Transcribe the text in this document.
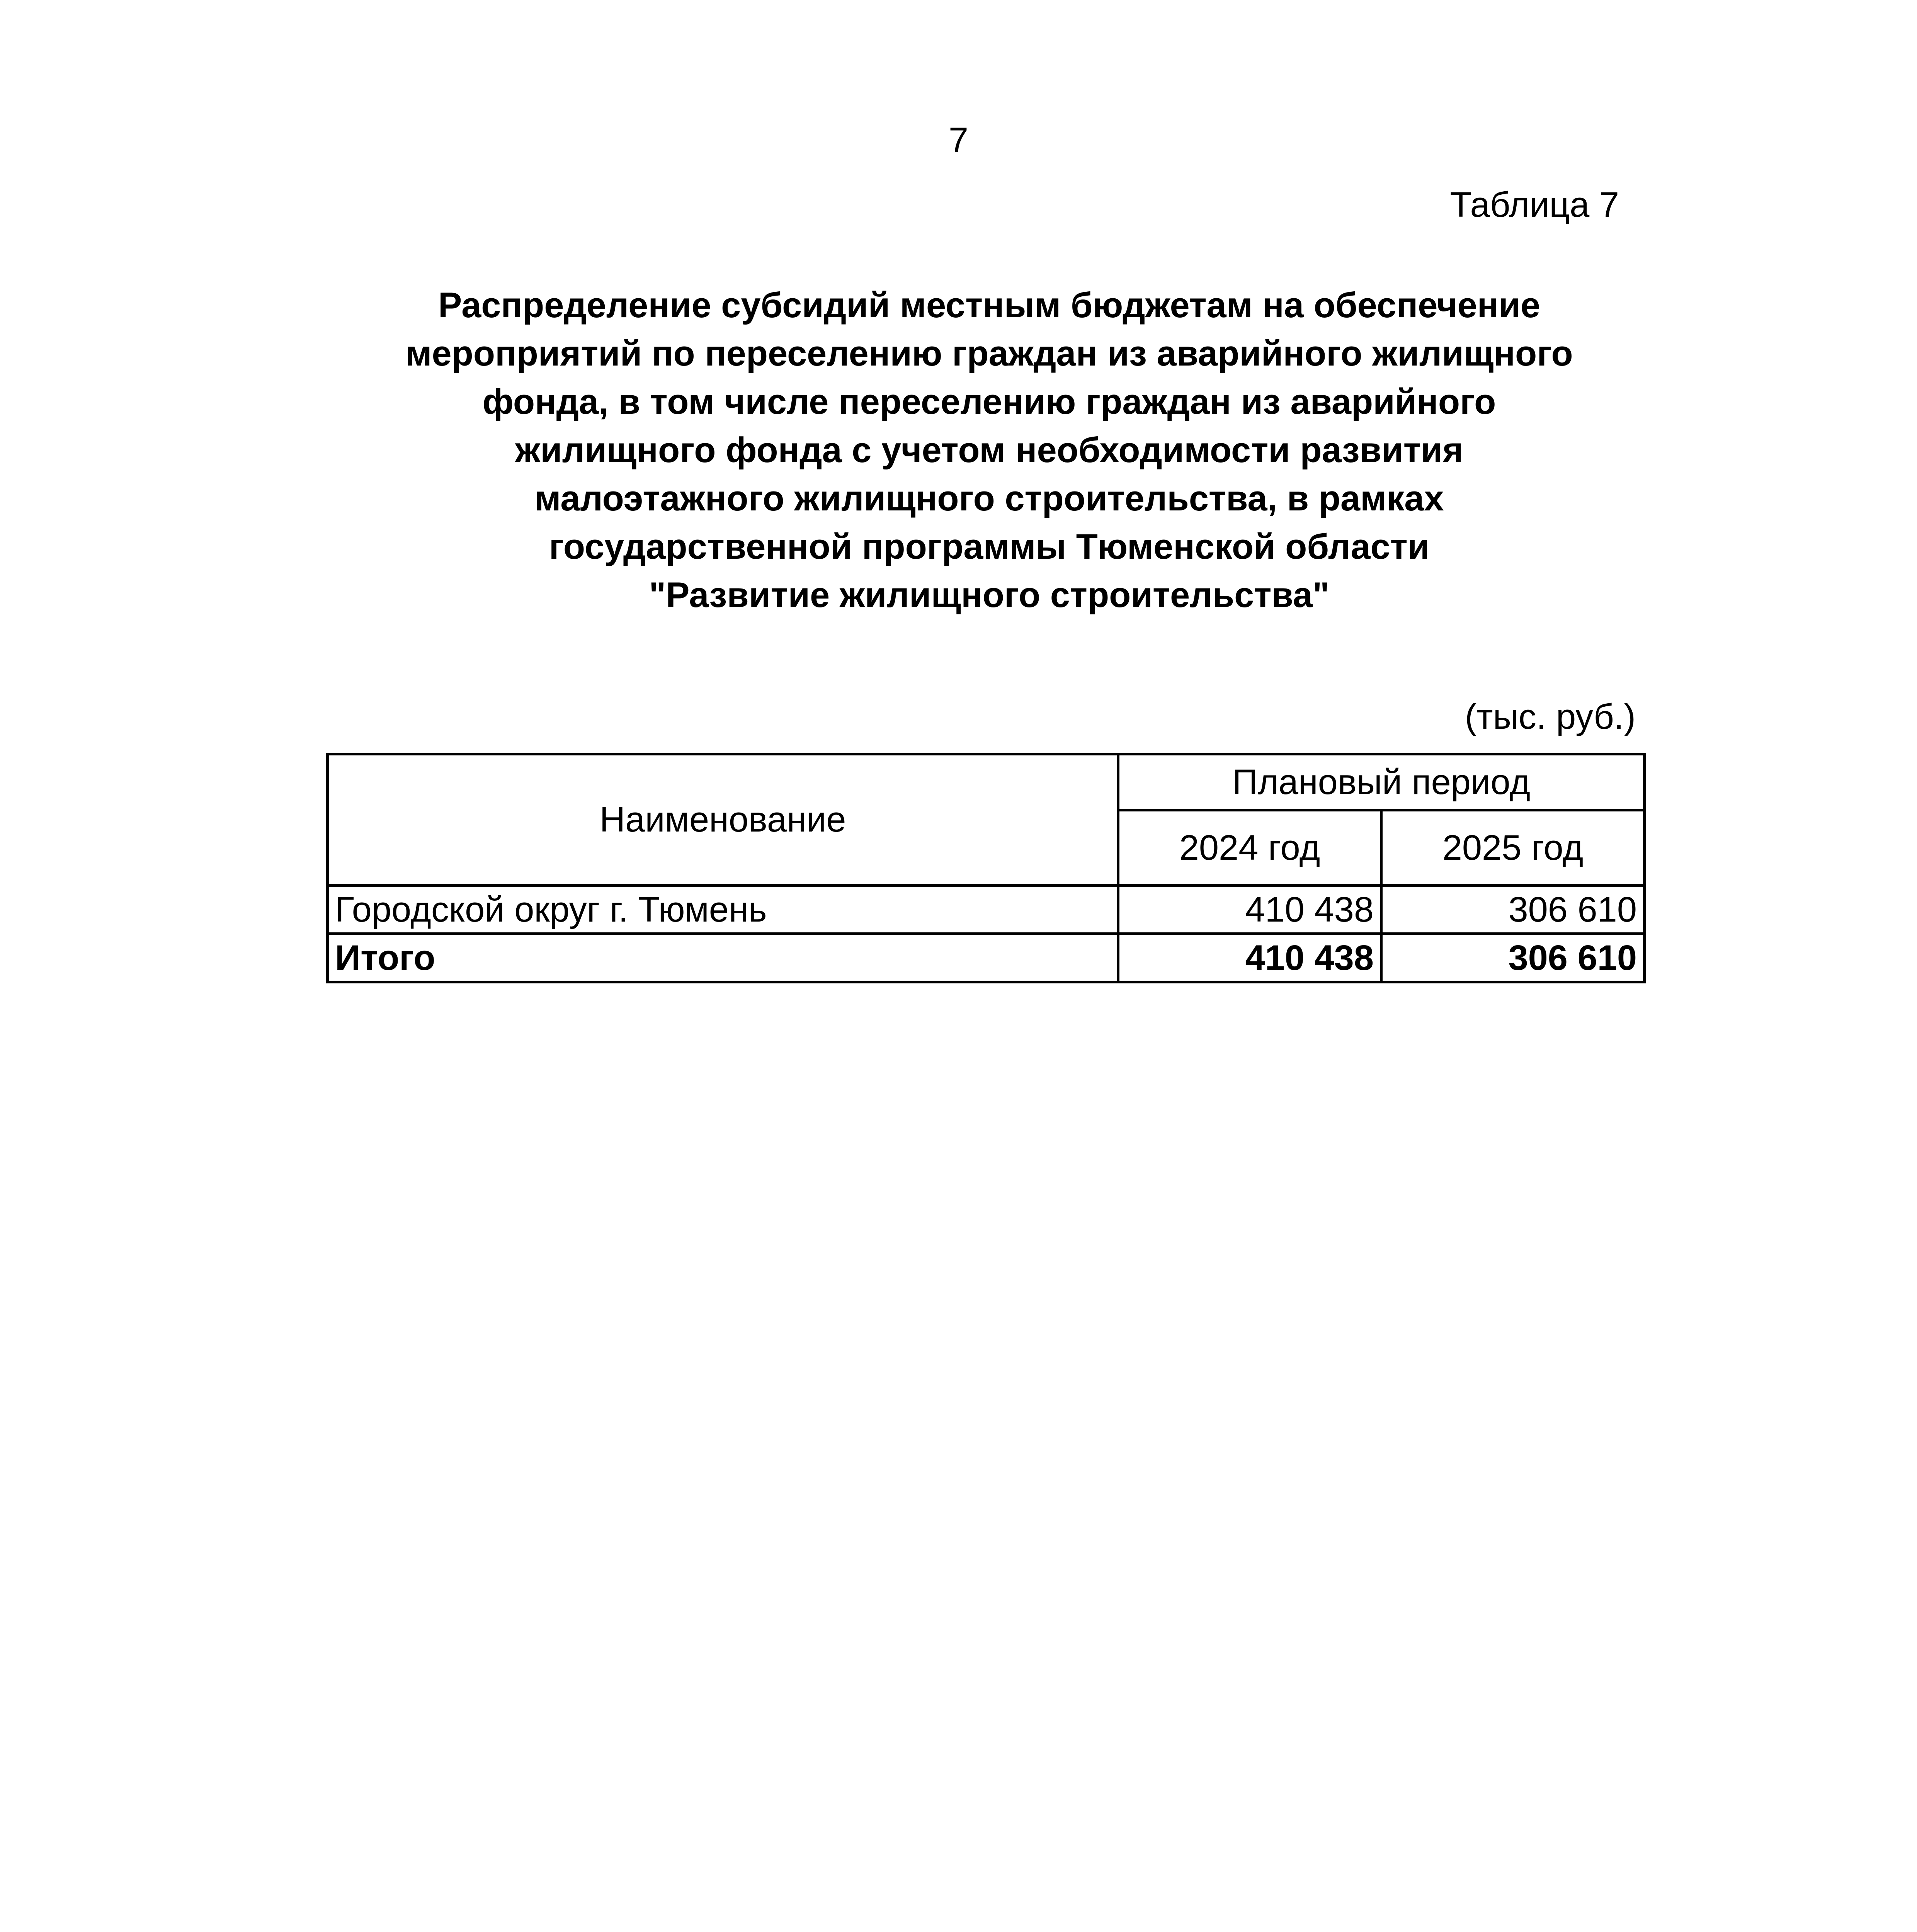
7
Таблица 7
Распределение субсидий местным бюджетам на обеспечение
мероприятий по переселению граждан из аварийного жилищного
фонда, в том числе переселению граждан из аварийного
жилищного фонда с учетом необходимости развития
малоэтажного жилищного строительства, в рамках
государственной программы Тюменской области
"Развитие жилищного строительства"
(тыс. руб.)
Наименование	Плановый период	
	2024 год	2025 год
Городской округ г. Тюмень	410 438	306 610
Итого	410 438	306 610
